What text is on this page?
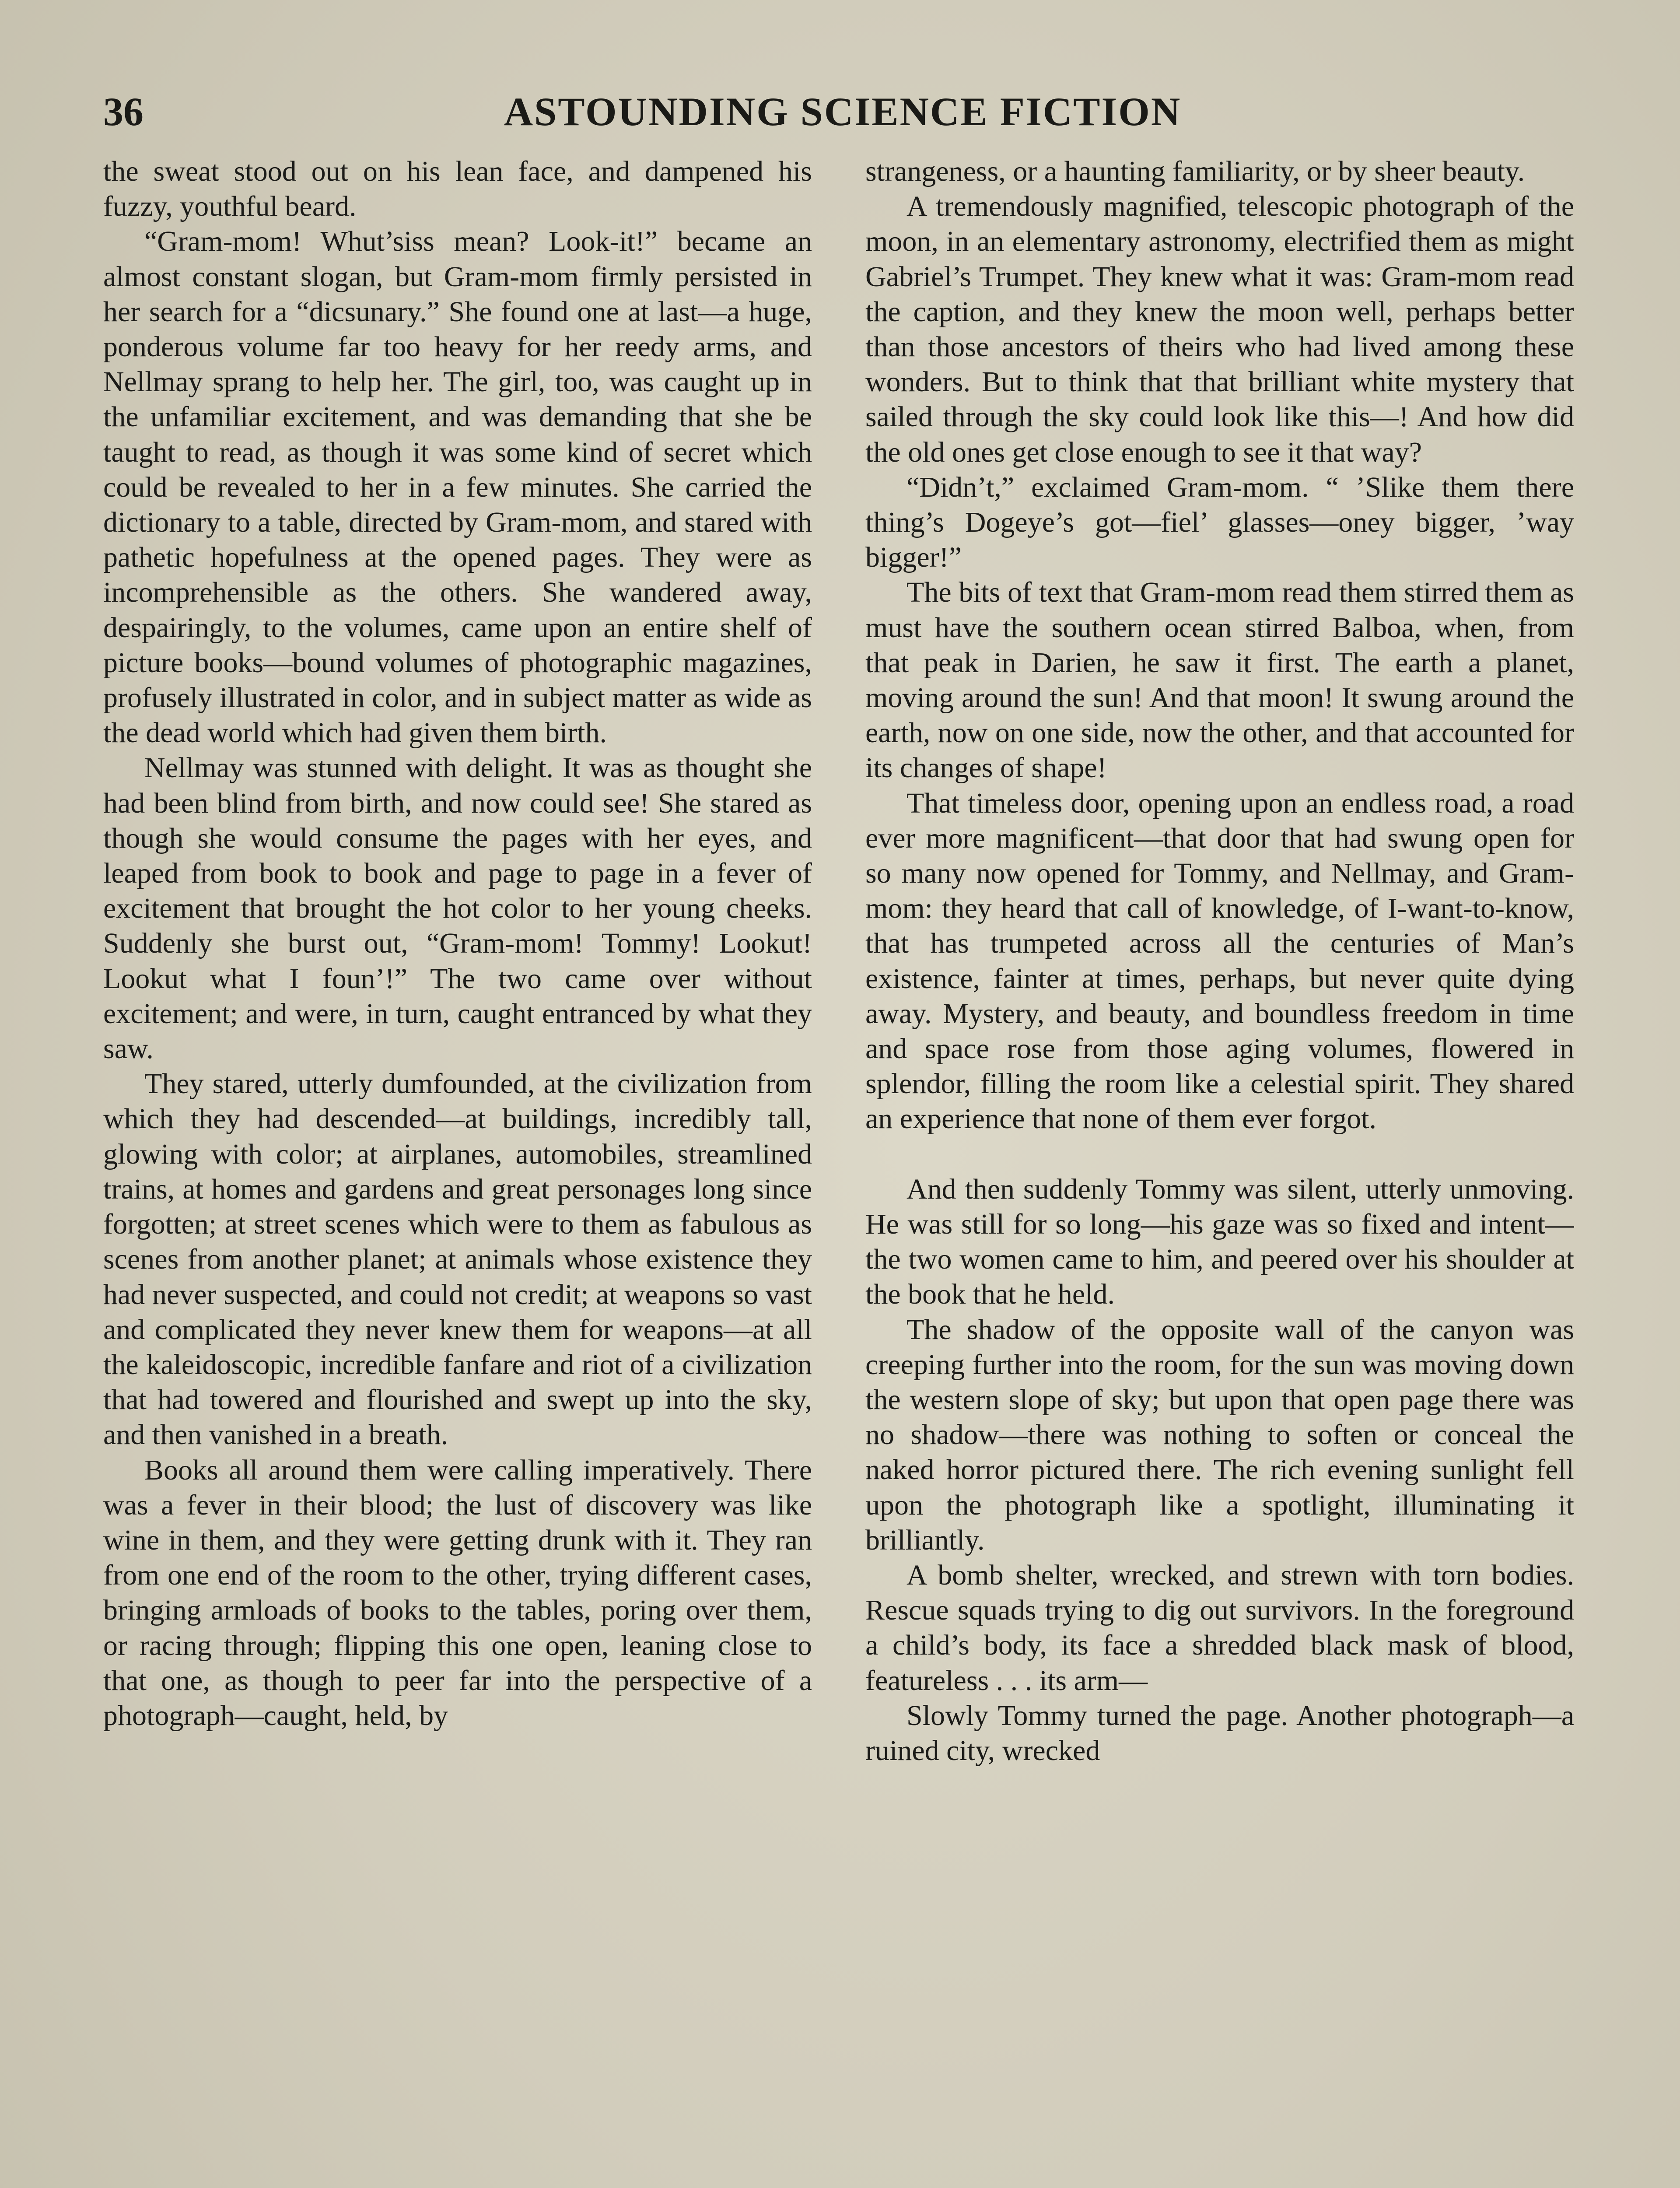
36	ASTOUNDING SCIENCE FICTION

the sweat stood out on his lean face, and dampened his fuzzy, youthful beard.

“Gram-mom! Whut’siss mean? Look-it!” became an almost constant slogan, but Gram-mom firmly persisted in her search for a “dicsunary.” She found one at last—a huge, ponderous volume far too heavy for her reedy arms, and Nellmay sprang to help her. The girl, too, was caught up in the unfamiliar excitement, and was demanding that she be taught to read, as though it was some kind of secret which could be revealed to her in a few minutes. She carried the dictionary to a table, directed by Gram-mom, and stared with pathetic hopefulness at the opened pages. They were as incomprehensible as the others. She wandered away, despairingly, to the volumes, came upon an entire shelf of picture books—bound volumes of photographic magazines, profusely illustrated in color, and in subject matter as wide as the dead world which had given them birth.

Nellmay was stunned with delight. It was as thought she had been blind from birth, and now could see! She stared as though she would consume the pages with her eyes, and leaped from book to book and page to page in a fever of excitement that brought the hot color to her young cheeks. Suddenly she burst out, “Gram-mom! Tommy! Lookut! Lookut what I foun’!” The two came over without excitement; and were, in turn, caught entranced by what they saw.

They stared, utterly dumfounded, at the civilization from which they had descended—at buildings, incredibly tall, glowing with color; at airplanes, automobiles, streamlined trains, at homes and gardens and great personages long since forgotten; at street scenes which were to them as fabulous as scenes from another planet; at animals whose existence they had never suspected, and could not credit; at weapons so vast and complicated they never knew them for weapons—at all the kaleidoscopic, incredible fanfare and riot of a civilization that had towered and flourished and swept up into the sky, and then vanished in a breath.

Books all around them were calling imperatively. There was a fever in their blood; the lust of discovery was like wine in them, and they were getting drunk with it. They ran from one end of the room to the other, trying different cases, bringing armloads of books to the tables, poring over them, or racing through; flipping this one open, leaning close to that one, as though to peer far into the perspective of a photograph—caught, held, by

strangeness, or a haunting familiarity, or by sheer beauty.

A tremendously magnified, telescopic photograph of the moon, in an elementary astronomy, electrified them as might Gabriel’s Trumpet. They knew what it was: Gram-mom read the caption, and they knew the moon well, perhaps better than those ancestors of theirs who had lived among these wonders. But to think that that brilliant white mystery that sailed through the sky could look like this—! And how did the old ones get close enough to see it that way?

“Didn’t,” exclaimed Gram-mom. “ ’Slike them there thing’s Dogeye’s got—fiel’ glasses—oney bigger, ’way bigger!”

The bits of text that Gram-mom read them stirred them as must have the southern ocean stirred Balboa, when, from that peak in Darien, he saw it first. The earth a planet, moving around the sun! And that moon! It swung around the earth, now on one side, now the other, and that accounted for its changes of shape!

That timeless door, opening upon an endless road, a road ever more magnificent—that door that had swung open for so many now opened for Tommy, and Nellmay, and Gram-mom: they heard that call of knowledge, of I-want-to-know, that has trumpeted across all the centuries of Man’s existence, fainter at times, perhaps, but never quite dying away. Mystery, and beauty, and boundless freedom in time and space rose from those aging volumes, flowered in splendor, filling the room like a celestial spirit. They shared an experience that none of them ever forgot.

And then suddenly Tommy was silent, utterly unmoving. He was still for so long—his gaze was so fixed and intent—the two women came to him, and peered over his shoulder at the book that he held.

The shadow of the opposite wall of the canyon was creeping further into the room, for the sun was moving down the western slope of sky; but upon that open page there was no shadow—there was nothing to soften or conceal the naked horror pictured there. The rich evening sunlight fell upon the photograph like a spotlight, illuminating it brilliantly.

A bomb shelter, wrecked, and strewn with torn bodies. Rescue squads trying to dig out survivors. In the foreground a child’s body, its face a shredded black mask of blood, featureless . . . its arm—

Slowly Tommy turned the page. Another photograph—a ruined city, wrecked
